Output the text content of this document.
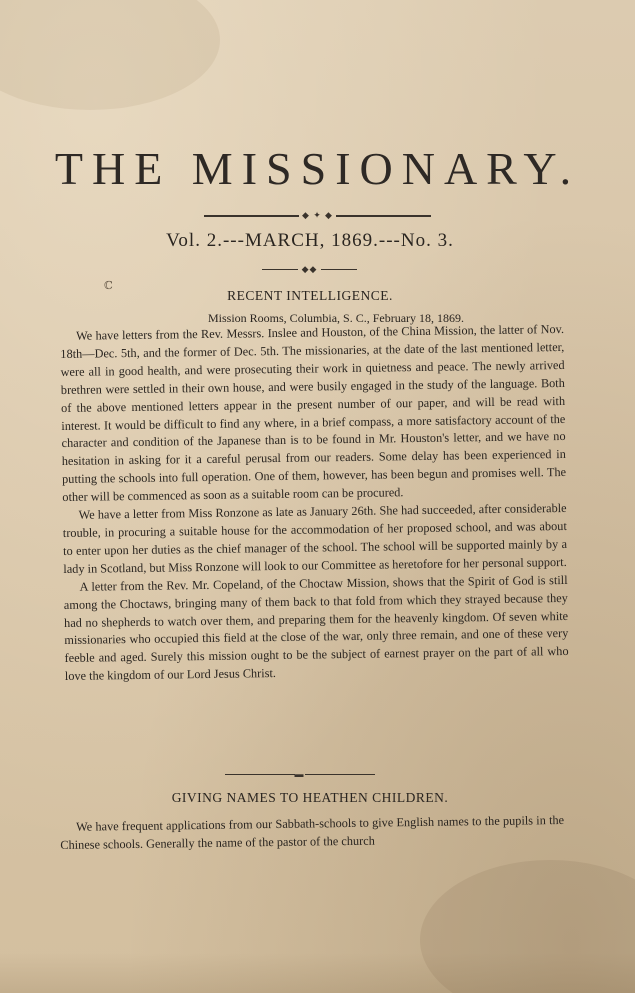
THE MISSIONARY.
◆ ✦ ◆
Vol. 2.---MARCH, 1869.---No. 3.
◆◆
ℂ
RECENT INTELLIGENCE.
Mission Rooms, Columbia, S. C., February 18, 1869.

We have letters from the Rev. Messrs. Inslee and Houston, of the China Mission, the latter of Nov. 18th—Dec. 5th, and the former of Dec. 5th. The missionaries, at the date of the last mentioned letter, were all in good health, and were prosecuting their work in quietness and peace. The newly arrived brethren were settled in their own house, and were busily engaged in the study of the language. Both of the above mentioned letters appear in the present number of our paper, and will be read with interest. It would be difficult to find any where, in a brief compass, a more satisfactory account of the character and condition of the Japanese than is to be found in Mr. Houston's letter, and we have no hesitation in asking for it a careful perusal from our readers. Some delay has been experienced in putting the schools into full operation. One of them, however, has been begun and promises well. The other will be commenced as soon as a suitable room can be procured.

We have a letter from Miss Ronzone as late as January 26th. She had succeeded, after considerable trouble, in procuring a suitable house for the accommodation of her proposed school, and was about to enter upon her duties as the chief manager of the school. The school will be supported mainly by a lady in Scotland, but Miss Ronzone will look to our Committee as heretofore for her personal support.

A letter from the Rev. Mr. Copeland, of the Choctaw Mission, shows that the Spirit of God is still among the Choctaws, bringing many of them back to that fold from which they strayed because they had no shepherds to watch over them, and preparing them for the heavenly kingdom. Of seven white missionaries who occupied this field at the close of the war, only three remain, and one of these very feeble and aged. Surely this mission ought to be the subject of earnest prayer on the part of all who love the kingdom of our Lord Jesus Christ.

▬
GIVING NAMES TO HEATHEN CHILDREN.

We have frequent applications from our Sabbath-schools to give English names to the pupils in the Chinese schools. Generally the name of the pastor of the church
